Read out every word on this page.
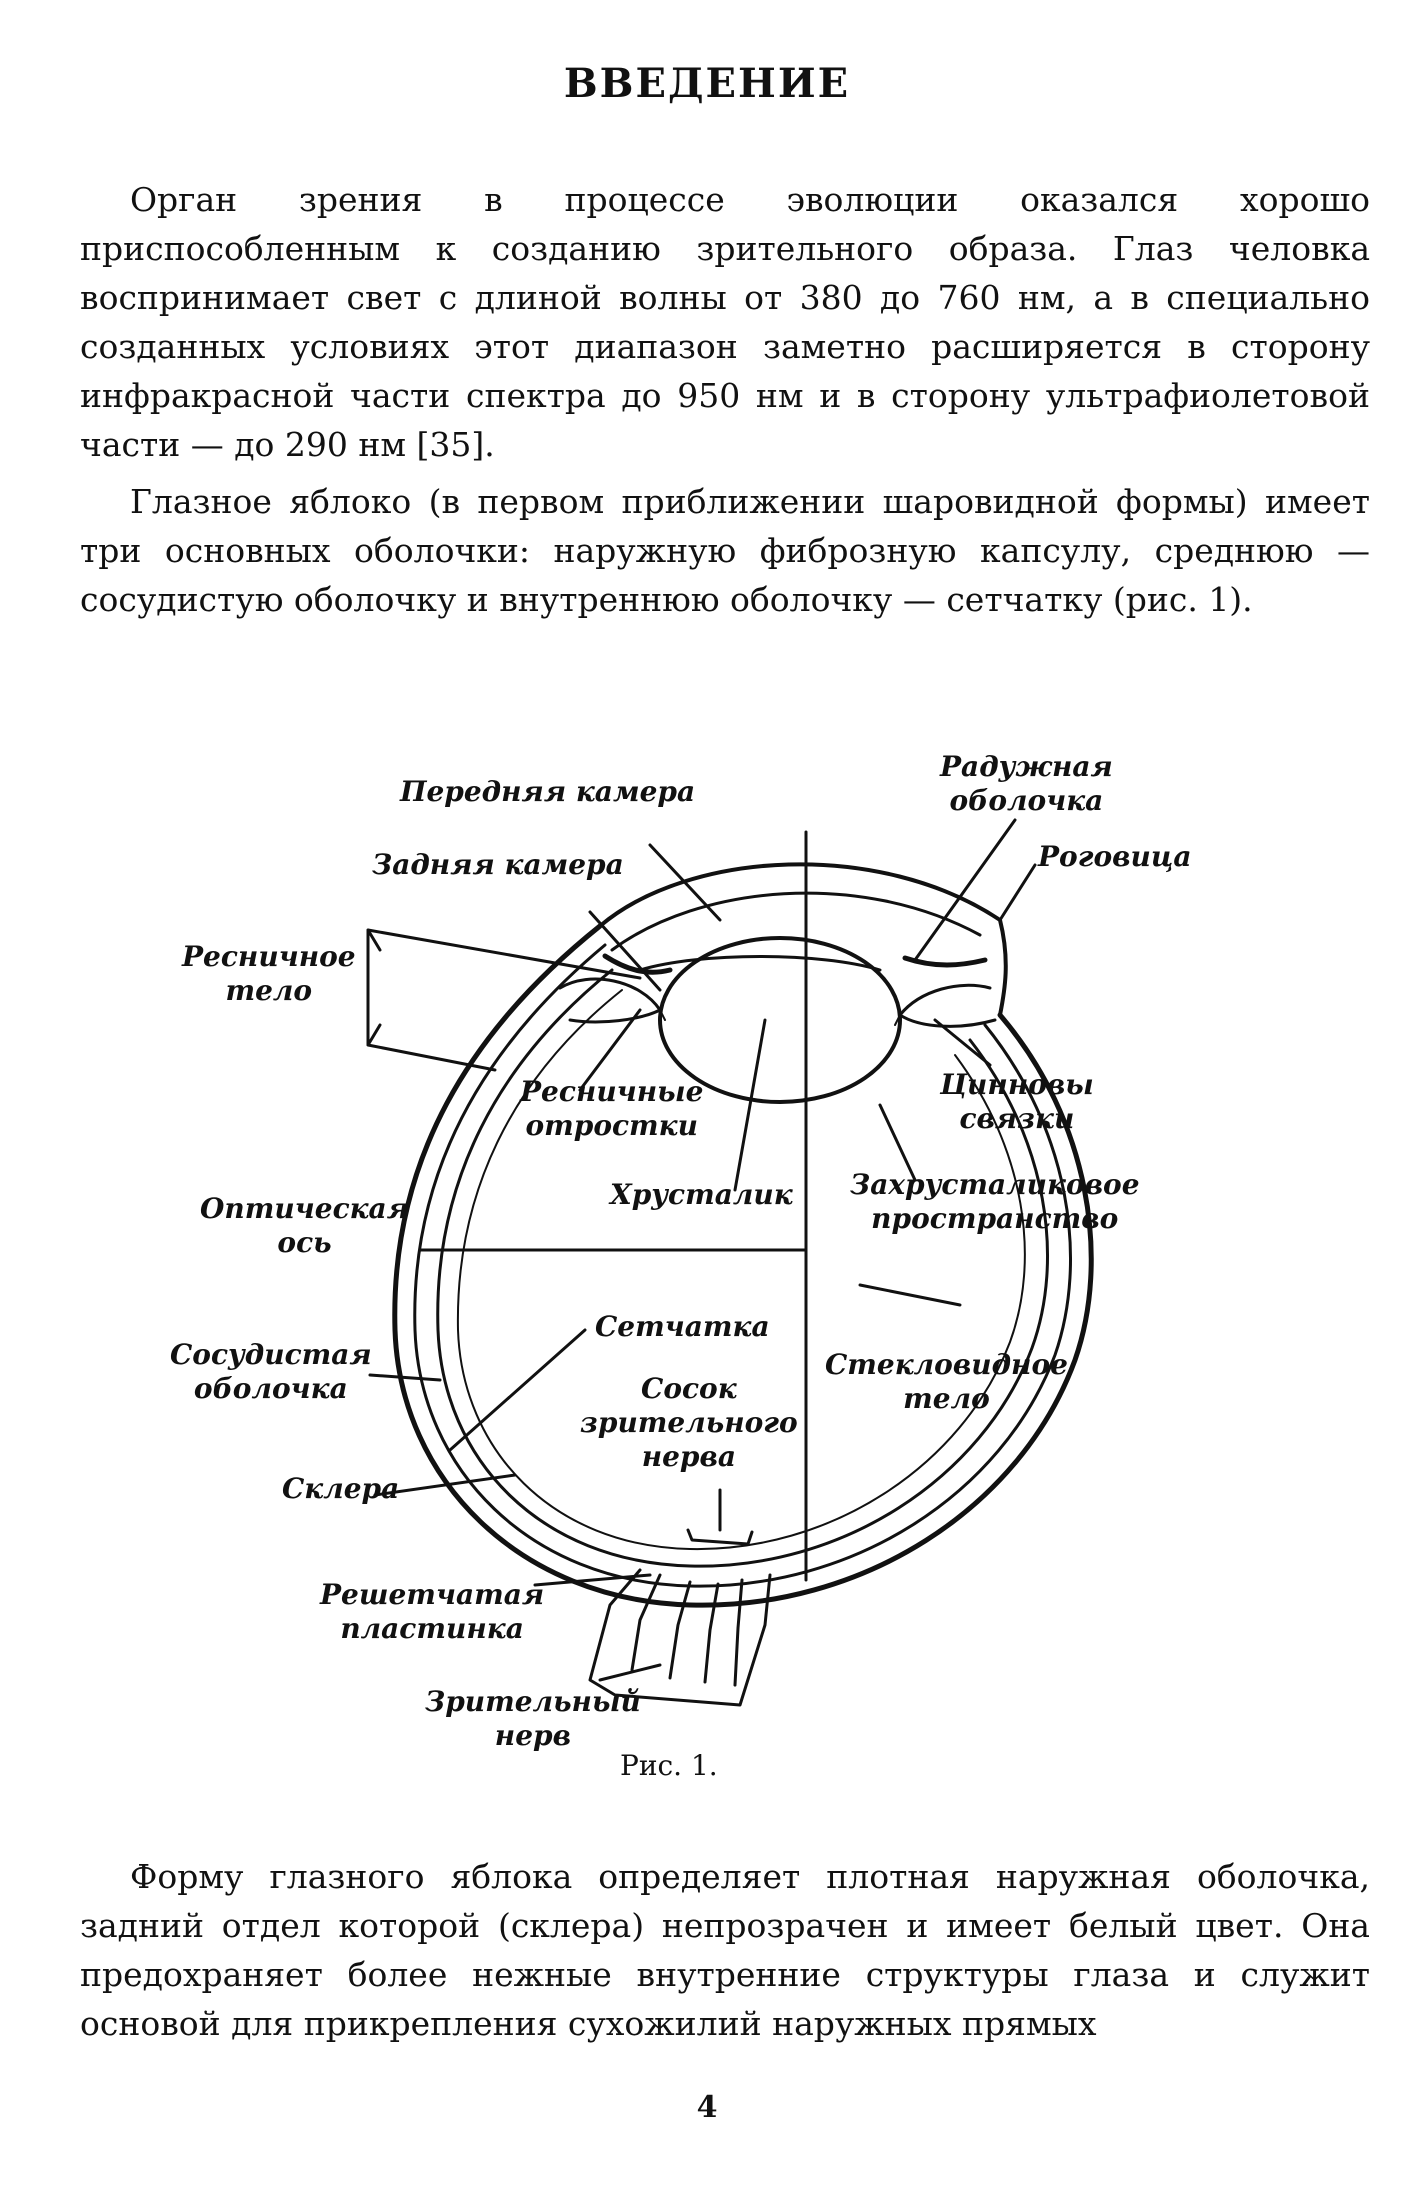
ВВЕДЕНИЕ

Орган зрения в процессе эволюции оказался хорошо приспособленным к созданию зрительного образа. Глаз человка воспринимает свет с длиной волны от 380 до 760 нм, а в специально созданных условиях этот диапазон заметно расширяется в сторону инфракрасной части спектра до 950 нм и в сторону ультрафиолетовой части — до 290 нм [35].

Глазное яблоко (в первом приближении шаровидной формы) имеет три основных оболочки: наружную фиброзную капсулу, среднюю — сосудистую оболочку и внутреннюю оболочку — сетчатку (рис. 1).

Передняя камера
Задняя камера
Ресничное
тело
Радужная
оболочка
Роговица
Ресничные
отростки
Цинновы
связки
Хрусталик Захрусталиковое
пространство
Оптическая
ось
Сетчатка
Сосудистая
оболочка
Стекловидное
тело
Сосок
зрительного
нерва
Склера
Решетчатая
пластинка
Зрительный
нерв
Рис. 1.

Форму глазного яблока определяет плотная наружная оболочка, задний отдел которой (склера) непрозрачен и имеет белый цвет. Она предохраняет более нежные внутренние структуры глаза и служит основой для прикрепления сухожилий наружных прямых

4
